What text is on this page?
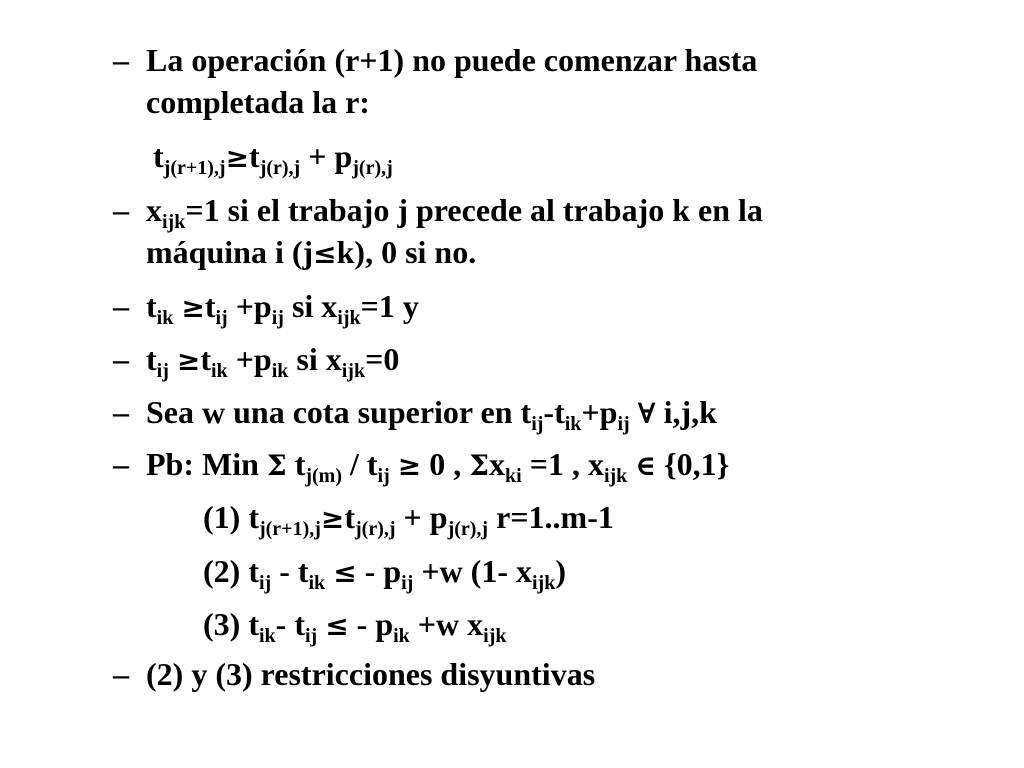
– La operación (r+1) no puede comenzar hasta
completada la r:
$t_{j(r+1),j}\ge t_{j(r),j} + p_{j(r),j}$
– $x_{ijk}=1$ si el trabajo j precede al trabajo k en la
máquina i (j≤k), 0 si no.
– $t_{ik} \ge t_{ij} +p_{ij}$ si $x_{ijk}=1$ y
– $t_{ij} \ge t_{ik} +p_{ik}$ si $x_{ijk}=0$
– Sea w una cota superior en $t_{ij}-t_{ik}+p_{ij}$ ∀ i,j,k
– Pb: Min Σ $t_{j(m)} / t_{ij} \ge 0$ , $\Sigma x_{ki} =1$ , $x_{ijk}$ ∈ {0,1}
(1) $t_{j(r+1),j}\ge t_{j(r),j} + p_{j(r),j}$ r=1..m-1
(2) $t_{ij} - t_{ik}$ ≤ - $p_{ij} +w$ (1- $x_{ijk}$)
(3) $t_{ik}-$ $t_{ij}$ ≤ - $p_{ik} +w$ $x_{ijk}$
– (2) y (3) restricciones disyuntivas
